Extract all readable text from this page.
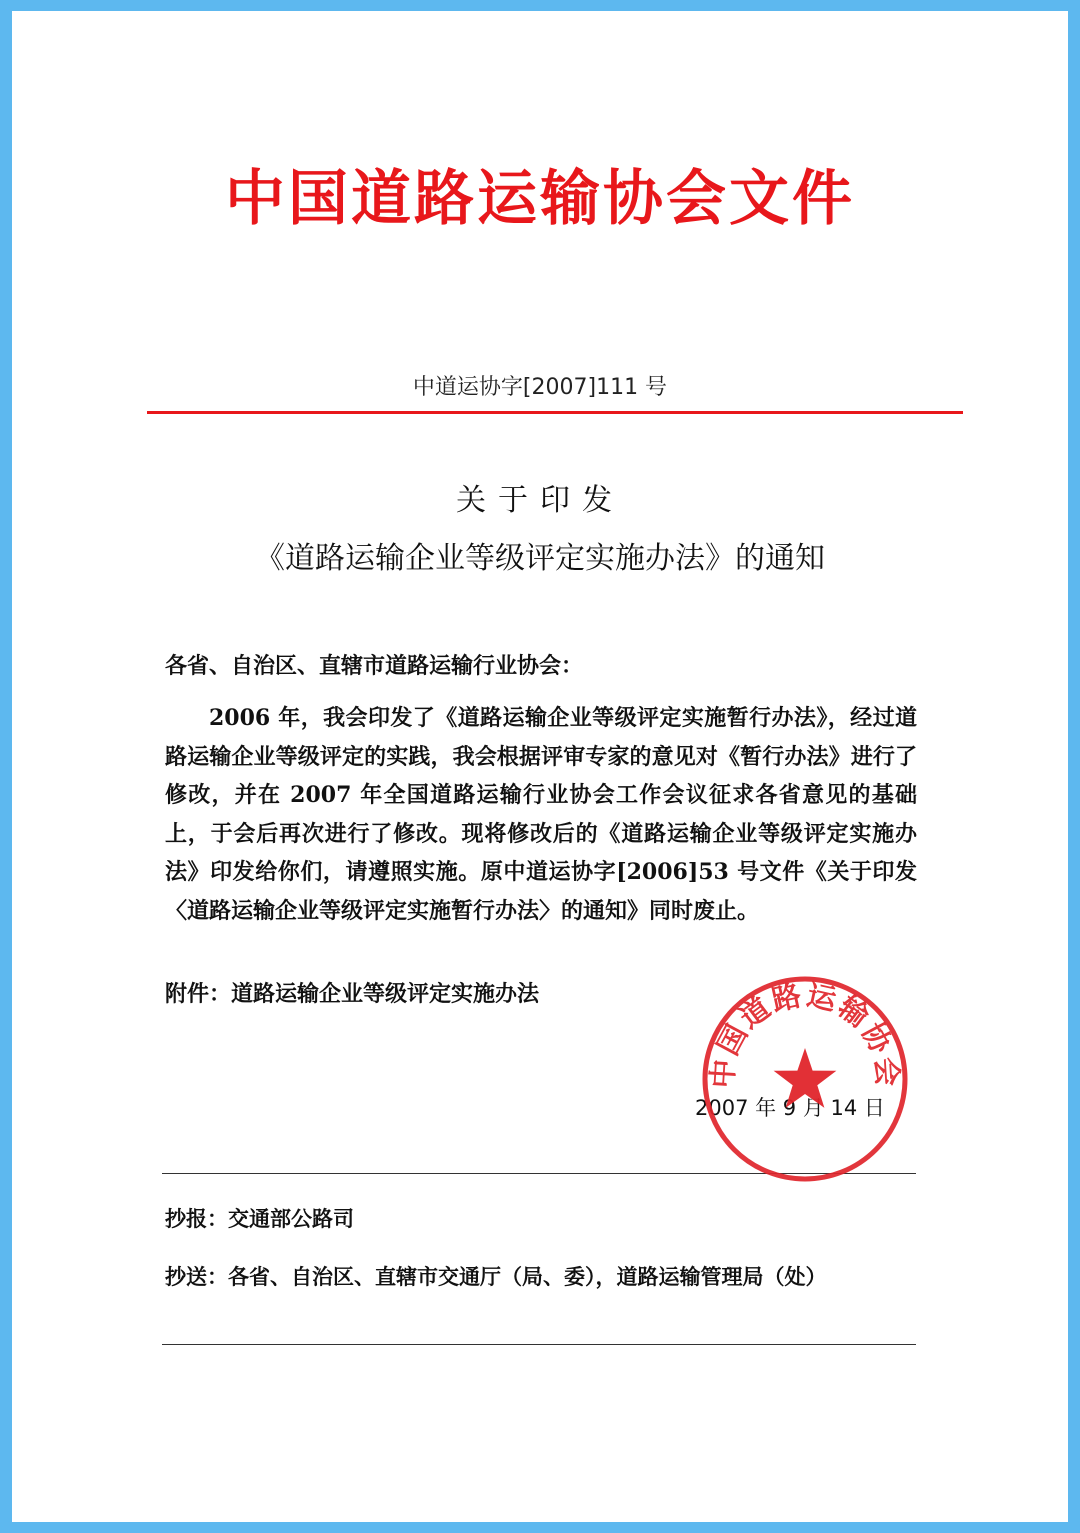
中国道路运输协会文件
中道运协字[2007]111 号
关于印发
《道路运输企业等级评定实施办法》的通知
各省、自治区、直辖市道路运输行业协会：
2006 年，我会印发了《道路运输企业等级评定实施暂行办法》，经过道路运输企业等级评定的实践，我会根据评审专家的意见对《暂行办法》进行了修改，并在 2007 年全国道路运输行业协会工作会议征求各省意见的基础上，于会后再次进行了修改。现将修改后的《道路运输企业等级评定实施办法》印发给你们，请遵照实施。原中道运协字[2006]53 号文件《关于印发〈道路运输企业等级评定实施暂行办法〉的通知》同时废止。
附件：道路运输企业等级评定实施办法
2007 年 9 月 14 日
中国道路运输协会
抄报：交通部公路司
抄送：各省、自治区、直辖市交通厅（局、委），道路运输管理局（处）
